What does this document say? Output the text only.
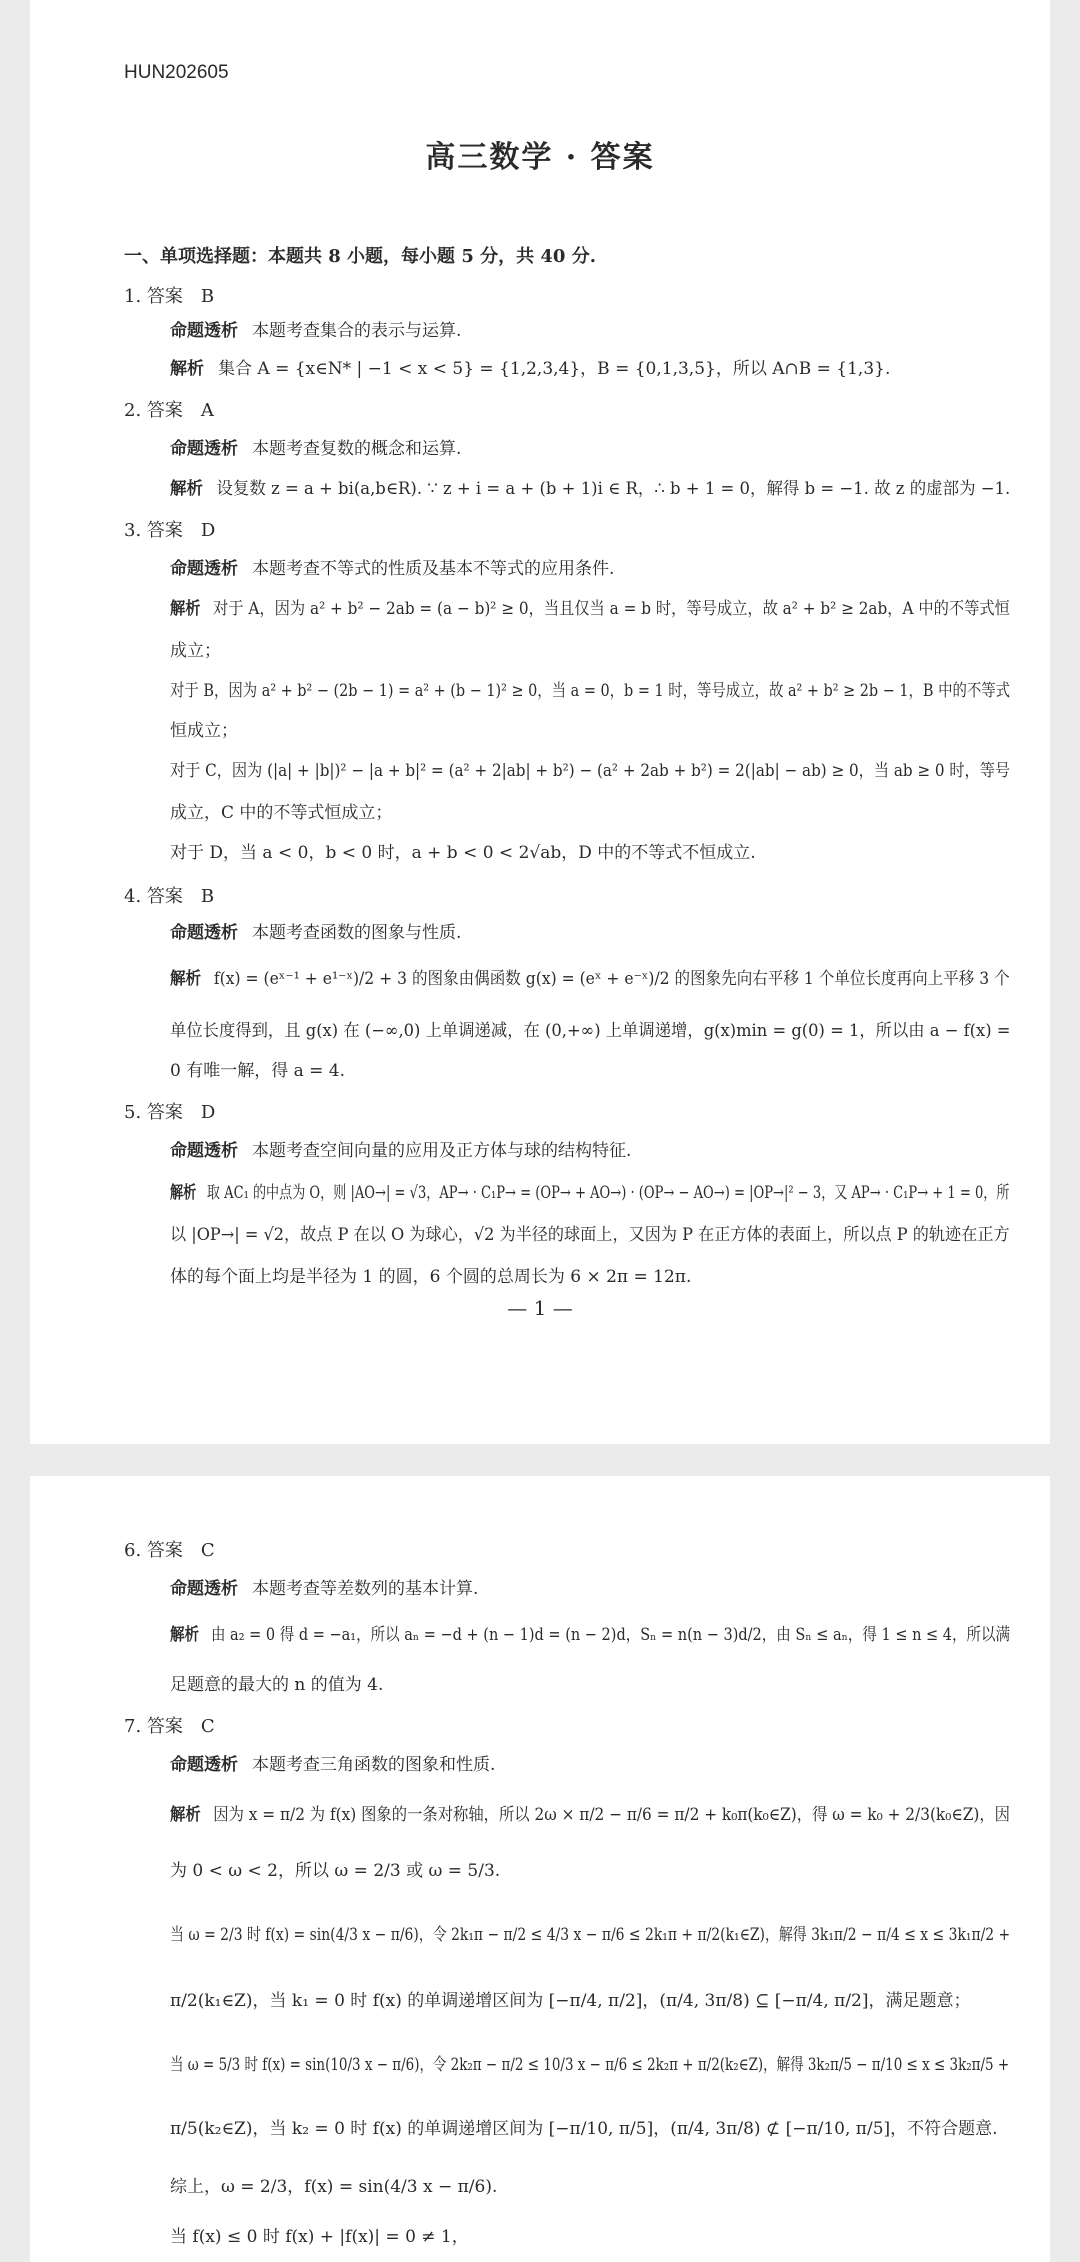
HUN202605
高三数学 · 答案
一、单项选择题：本题共 8 小题，每小题 5 分，共 40 分.
1. 答案　B
命题透析 本题考查集合的表示与运算.
解析 集合 A = {x∈N* | −1 < x < 5} = {1,2,3,4}，B = {0,1,3,5}，所以 A∩B = {1,3}.
2. 答案　A
命题透析 本题考查复数的概念和运算.
解析 设复数 z = a + bi(a,b∈R). ∵ z + i = a + (b + 1)i ∈ R，∴ b + 1 = 0，解得 b = −1. 故 z 的虚部为 −1.
3. 答案　D
命题透析 本题考查不等式的性质及基本不等式的应用条件.
解析 对于 A，因为 a² + b² − 2ab = (a − b)² ≥ 0，当且仅当 a = b 时，等号成立，故 a² + b² ≥ 2ab，A 中的不等式恒
成立；
对于 B，因为 a² + b² − (2b − 1) = a² + (b − 1)² ≥ 0，当 a = 0，b = 1 时，等号成立，故 a² + b² ≥ 2b − 1，B 中的不等式
恒成立；
对于 C，因为 (|a| + |b|)² − |a + b|² = (a² + 2|ab| + b²) − (a² + 2ab + b²) = 2(|ab| − ab) ≥ 0，当 ab ≥ 0 时，等号
成立，C 中的不等式恒成立；
对于 D，当 a < 0，b < 0 时，a + b < 0 < 2√ab，D 中的不等式不恒成立.
4. 答案　B
命题透析 本题考查函数的图象与性质.
解析 f(x) = (eˣ⁻¹ + e¹⁻ˣ)/2 + 3 的图象由偶函数 g(x) = (eˣ + e⁻ˣ)/2 的图象先向右平移 1 个单位长度再向上平移 3 个
单位长度得到，且 g(x) 在 (−∞,0) 上单调递减，在 (0,+∞) 上单调递增，g(x)min = g(0) = 1，所以由 a − f(x) =
0 有唯一解，得 a = 4.
5. 答案　D
命题透析 本题考查空间向量的应用及正方体与球的结构特征.
解析 取 AC₁ 的中点为 O，则 |AO→| = √3，AP→ · C₁P→ = (OP→ + AO→) · (OP→ − AO→) = |OP→|² − 3，又 AP→ · C₁P→ + 1 = 0，所
以 |OP→| = √2，故点 P 在以 O 为球心，√2 为半径的球面上，又因为 P 在正方体的表面上，所以点 P 的轨迹在正方
体的每个面上均是半径为 1 的圆，6 个圆的总周长为 6 × 2π = 12π.
— 1 —
6. 答案　C
命题透析 本题考查等差数列的基本计算.
解析 由 a₂ = 0 得 d = −a₁，所以 aₙ = −d + (n − 1)d = (n − 2)d，Sₙ = n(n − 3)d/2，由 Sₙ ≤ aₙ，得 1 ≤ n ≤ 4，所以满
足题意的最大的 n 的值为 4.
7. 答案　C
命题透析 本题考查三角函数的图象和性质.
解析 因为 x = π/2 为 f(x) 图象的一条对称轴，所以 2ω × π/2 − π/6 = π/2 + k₀π(k₀∈Z)，得 ω = k₀ + 2/3(k₀∈Z)，因
为 0 < ω < 2，所以 ω = 2/3 或 ω = 5/3.
当 ω = 2/3 时 f(x) = sin(4/3 x − π/6)，令 2k₁π − π/2 ≤ 4/3 x − π/6 ≤ 2k₁π + π/2(k₁∈Z)，解得 3k₁π/2 − π/4 ≤ x ≤ 3k₁π/2 +
π/2(k₁∈Z)，当 k₁ = 0 时 f(x) 的单调递增区间为 [−π/4, π/2]，(π/4, 3π/8) ⊆ [−π/4, π/2]，满足题意；
当 ω = 5/3 时 f(x) = sin(10/3 x − π/6)，令 2k₂π − π/2 ≤ 10/3 x − π/6 ≤ 2k₂π + π/2(k₂∈Z)，解得 3k₂π/5 − π/10 ≤ x ≤ 3k₂π/5 +
π/5(k₂∈Z)，当 k₂ = 0 时 f(x) 的单调递增区间为 [−π/10, π/5]，(π/4, 3π/8) ⊄ [−π/10, π/5]，不符合题意.
综上，ω = 2/3，f(x) = sin(4/3 x − π/6).
当 f(x) ≤ 0 时 f(x) + |f(x)| = 0 ≠ 1，
